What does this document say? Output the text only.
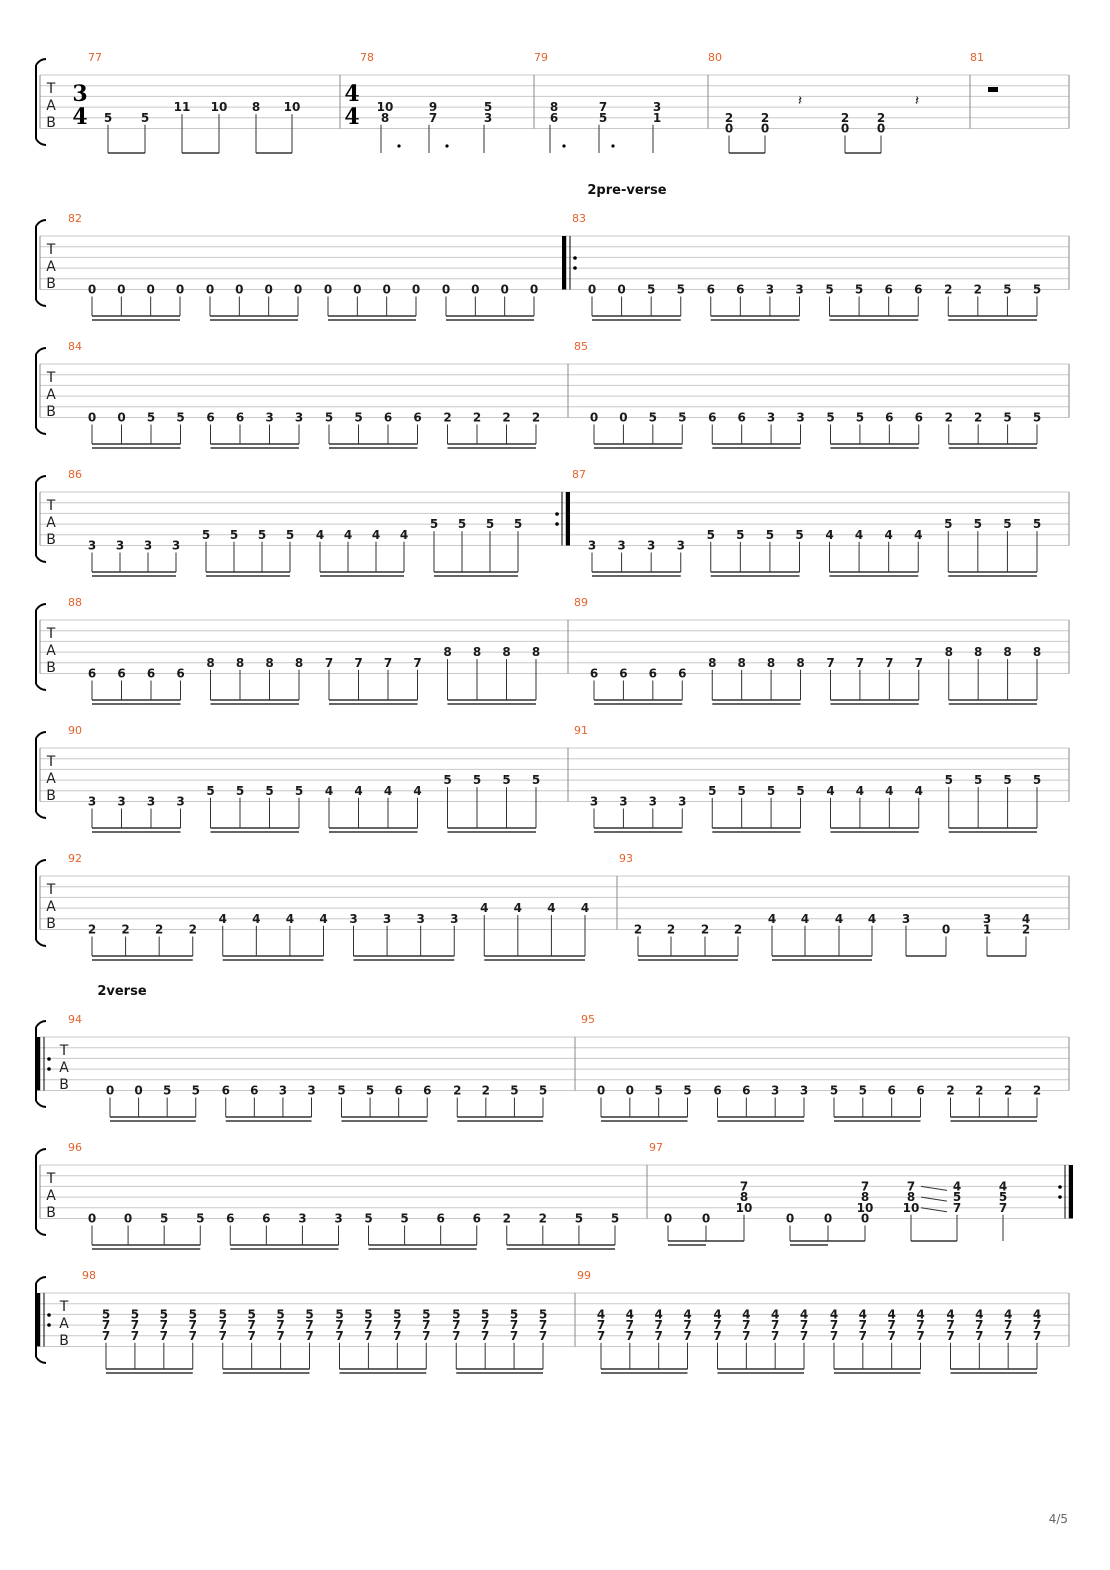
T
A
B
77
3
4 5 5
11 10 8 10
78
4
4 10
8
9
7
5
3
79
8
6
7
5
3
1
80
2
0
2
0
𝄽
2
0
2
0
𝄽
81
T
A
B
2pre-verse
82
0 0 0 0 0 0 0 0 0 0 0 0 0 0 0 0
83
0 0 5 5 6 6 3 3 5 5 6 6 2 2 5 5
T
A
B
84
0 0 5 5 6 6 3 3 5 5 6 6 2 2 2 2
85
0 0 5 5 6 6 3 3 5 5 6 6 2 2 5 5
T
A
B
86
3 3 3 3
5 5 5 5 4 4 4 4
5 5 5 5
87
3 3 3 3
5 5 5 5 4 4 4 4
5 5 5 5
T
A
B
88
6 6 6 6
8 8 8 8 7 7 7 7
8 8 8 8
89
6 6 6 6
8 8 8 8 7 7 7 7
8 8 8 8
T
A
B
90
3 3 3 3
5 5 5 5 4 4 4 4
5 5 5 5
91
3 3 3 3
5 5 5 5 4 4 4 4
5 5 5 5
T
A
B
92
2 2 2 2
4 4 4 4 3 3 3 3
4 4 4 4
93
2 2 2 2
4 4 4 4 3
0
3
1
4
2
T
A
B
2verse
94
0 0 5 5 6 6 3 3 5 5 6 6 2 2 5 5
95
0 0 5 5 6 6 3 3 5 5 6 6 2 2 2 2
T
A
B
96
0 0 5 5 6 6 3 3 5 5 6 6 2 2 5 5
97
0 0
7
8
10
0 0
7
8
10
0
7
8
10
4
5
7
4
5
7
T
A
B
98	99
5
7
7
5
7
7
5
7
7
5
7
7
5
7
7
5
7
7
5
7
7
5
7
7
5
7
7
5
7
7
5
7
7
5
7
7
5
7
7
5
7
7
5
7
7
5
7
7
4
7
7
4
7
7
4
7
7
4
7
7
4
7
7
4
7
7
4
7
7
4
7
7
4
7
7
4
7
7
4
7
7
4
7
7
4
7
7
4
7
7
4
7
7
4
7
7
4/5
